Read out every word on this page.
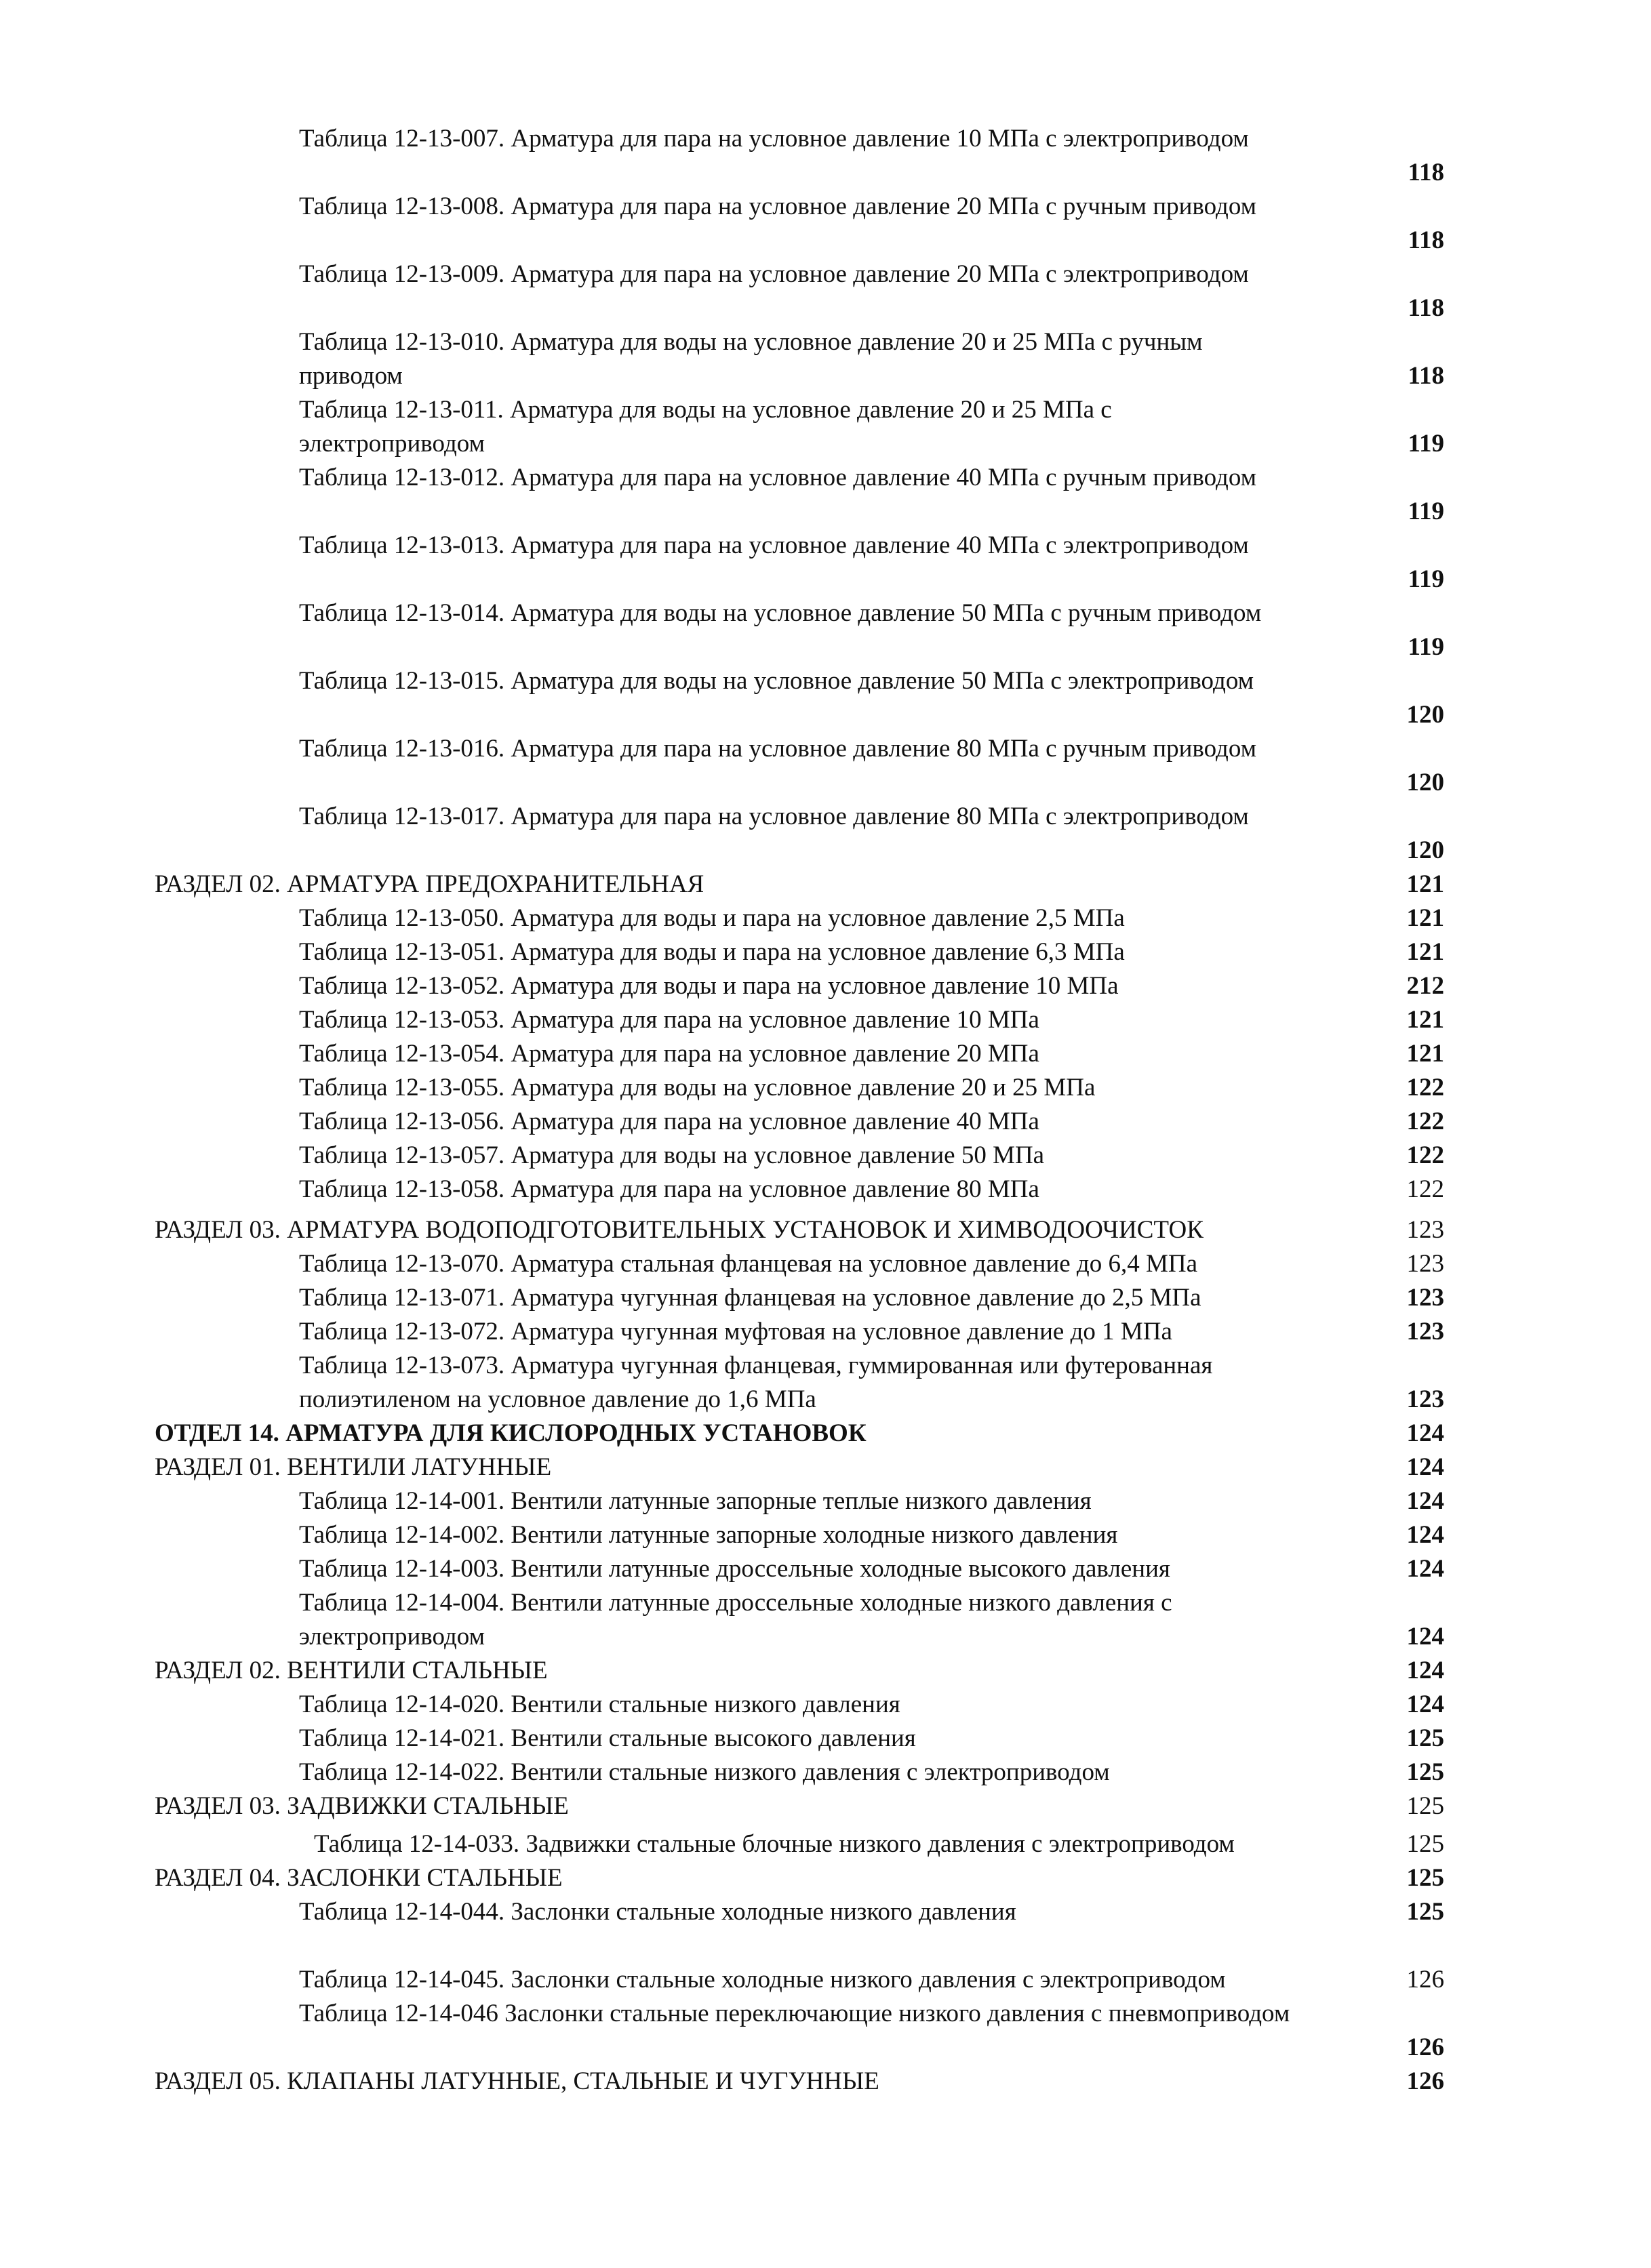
Таблица 12-13-007. Арматура для пара на условное давление 10 МПа с электроприводом
118
Таблица 12-13-008. Арматура для пара на условное давление 20 МПа с ручным приводом
118
Таблица 12-13-009. Арматура для пара на условное давление 20 МПа с электроприводом
118
Таблица 12-13-010. Арматура для воды на условное давление 20 и 25 МПа с ручным приводом	118
Таблица 12-13-011. Арматура для воды на условное давление 20 и 25 МПа с электроприводом	119
Таблица 12-13-012. Арматура для пара на условное давление 40 МПа с ручным приводом
119
Таблица 12-13-013. Арматура для пара на условное давление 40 МПа с электроприводом
119
Таблица 12-13-014. Арматура для воды на условное давление 50 МПа с ручным приводом
119
Таблица 12-13-015. Арматура для воды на условное давление 50 МПа с электроприводом
120
Таблица 12-13-016. Арматура для пара на условное давление 80 МПа с ручным приводом
120
Таблица 12-13-017. Арматура для пара на условное давление 80 МПа с электроприводом
120
РАЗДЕЛ 02. АРМАТУРА ПРЕДОХРАНИТЕЛЬНАЯ	121
Таблица 12-13-050. Арматура для воды и пара на условное давление 2,5 МПа	121
Таблица 12-13-051. Арматура для воды и пара на условное давление 6,3 МПа	121
Таблица 12-13-052. Арматура для воды и пара на условное давление 10 МПа	212
Таблица 12-13-053. Арматура для пара на условное давление 10 МПа	121
Таблица 12-13-054. Арматура для пара на условное давление 20 МПа	121
Таблица 12-13-055. Арматура для воды на условное давление 20 и 25 МПа	122
Таблица 12-13-056. Арматура для пара на условное давление 40 МПа	122
Таблица 12-13-057. Арматура для воды на условное давление 50 МПа	122
Таблица 12-13-058. Арматура для пара на условное давление 80 МПа	122
РАЗДЕЛ 03. АРМАТУРА ВОДОПОДГОТОВИТЕЛЬНЫХ УСТАНОВОК И ХИМВОДООЧИСТОК	123
Таблица 12-13-070. Арматура стальная фланцевая на условное давление до 6,4 МПа	123
Таблица 12-13-071. Арматура чугунная фланцевая на условное давление до 2,5 МПа	123
Таблица 12-13-072. Арматура чугунная муфтовая на условное давление до 1 МПа	123
Таблица 12-13-073. Арматура чугунная фланцевая, гуммированная или футерованная полиэтиленом на условное давление до 1,6 МПа	123
ОТДЕЛ 14. АРМАТУРА ДЛЯ КИСЛОРОДНЫХ УСТАНОВОК	124
РАЗДЕЛ 01. ВЕНТИЛИ ЛАТУННЫЕ	124
Таблица 12-14-001. Вентили латунные запорные теплые низкого давления	124
Таблица 12-14-002. Вентили латунные запорные холодные низкого давления	124
Таблица 12-14-003. Вентили латунные дроссельные холодные высокого давления	124
Таблица 12-14-004. Вентили латунные дроссельные холодные низкого давления с электроприводом	124
РАЗДЕЛ 02. ВЕНТИЛИ СТАЛЬНЫЕ	124
Таблица 12-14-020. Вентили стальные низкого давления	124
Таблица 12-14-021. Вентили стальные высокого давления	125
Таблица 12-14-022. Вентили стальные низкого давления с электроприводом	125
РАЗДЕЛ 03. ЗАДВИЖКИ СТАЛЬНЫЕ	125
Таблица 12-14-033. Задвижки стальные блочные низкого давления с электроприводом	125
РАЗДЕЛ 04. ЗАСЛОНКИ СТАЛЬНЫЕ	125
Таблица 12-14-044. Заслонки стальные холодные низкого давления	125
Таблица 12-14-045. Заслонки стальные холодные низкого давления с электроприводом	126
Таблица 12-14-046 Заслонки стальные переключающие низкого давления с пневмоприводом
126
РАЗДЕЛ 05. КЛАПАНЫ ЛАТУННЫЕ, СТАЛЬНЫЕ И ЧУГУННЫЕ	126
